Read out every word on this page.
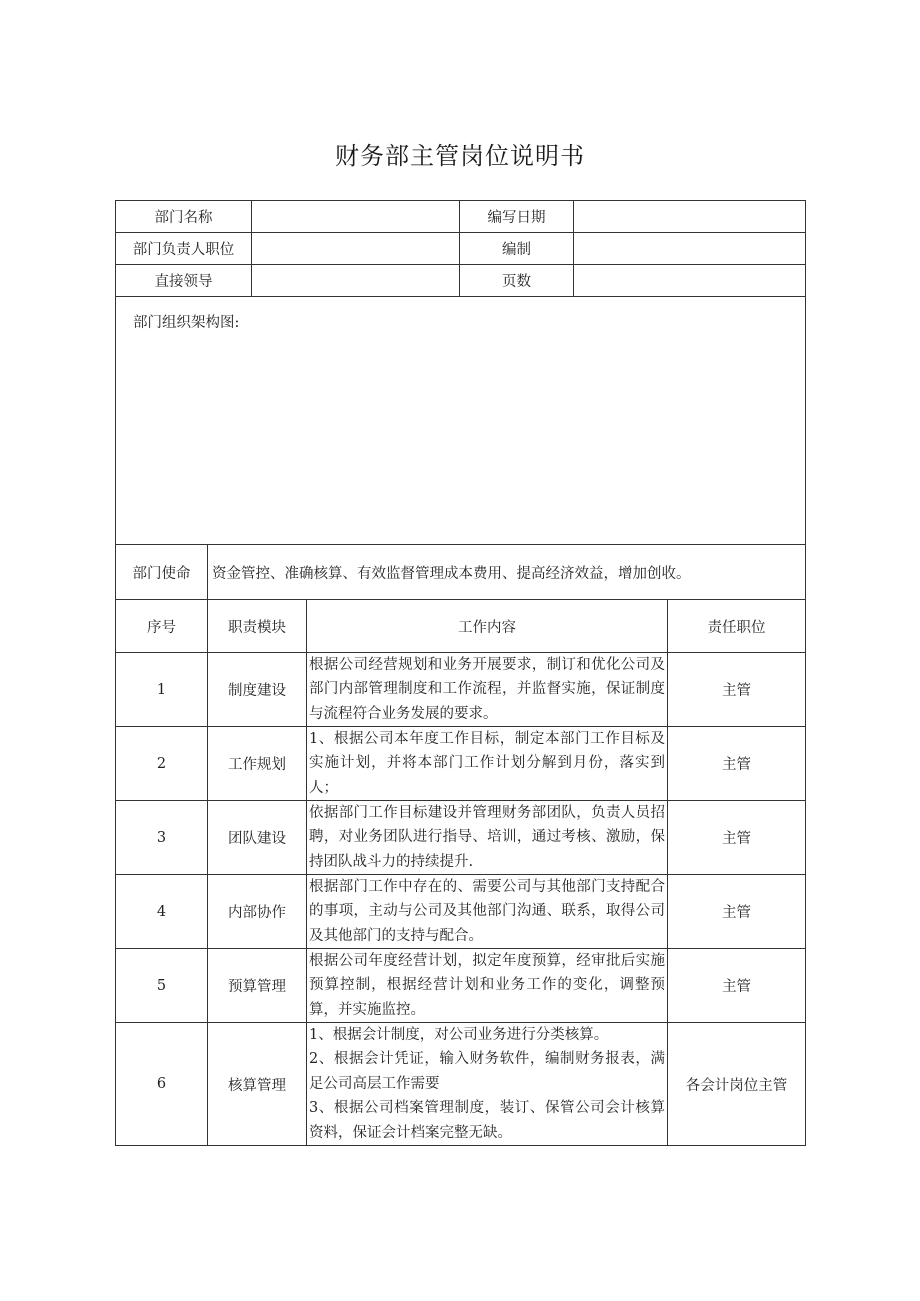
财务部主管岗位说明书
部门名称		编写日期	
部门负责人职位		编制	
直接领导		页数	
部门组织架构图:			
部门使命	资金管控、准确核算、有效监督管理成本费用、提高经济效益，增加创收。		
序号	职责模块	工作内容	责任职位
1	制度建设	根据公司经营规划和业务开展要求，制订和优化公司及部门内部管理制度和工作流程，并监督实施，保证制度与流程符合业务发展的要求。	主管
2	工作规划	1、根据公司本年度工作目标，制定本部门工作目标及实施计划，并将本部门工作计划分解到月份，落实到人；	主管
3	团队建设	依据部门工作目标建设并管理财务部团队，负责人员招聘，对业务团队进行指导、培训，通过考核、激励，保持团队战斗力的持续提升.	主管
4	内部协作	根据部门工作中存在的、需要公司与其他部门支持配合的事项，主动与公司及其他部门沟通、联系，取得公司及其他部门的支持与配合。	主管
5	预算管理	根据公司年度经营计划，拟定年度预算，经审批后实施预算控制，根据经营计划和业务工作的变化，调整预算，并实施监控。	主管
6	核算管理	1、根据会计制度，对公司业务进行分类核算。
2、根据会计凭证，输入财务软件，编制财务报表，满足公司高层工作需要
3、根据公司档案管理制度，装订、保管公司会计核算资料，保证会计档案完整无缺。	各会计岗位主管
